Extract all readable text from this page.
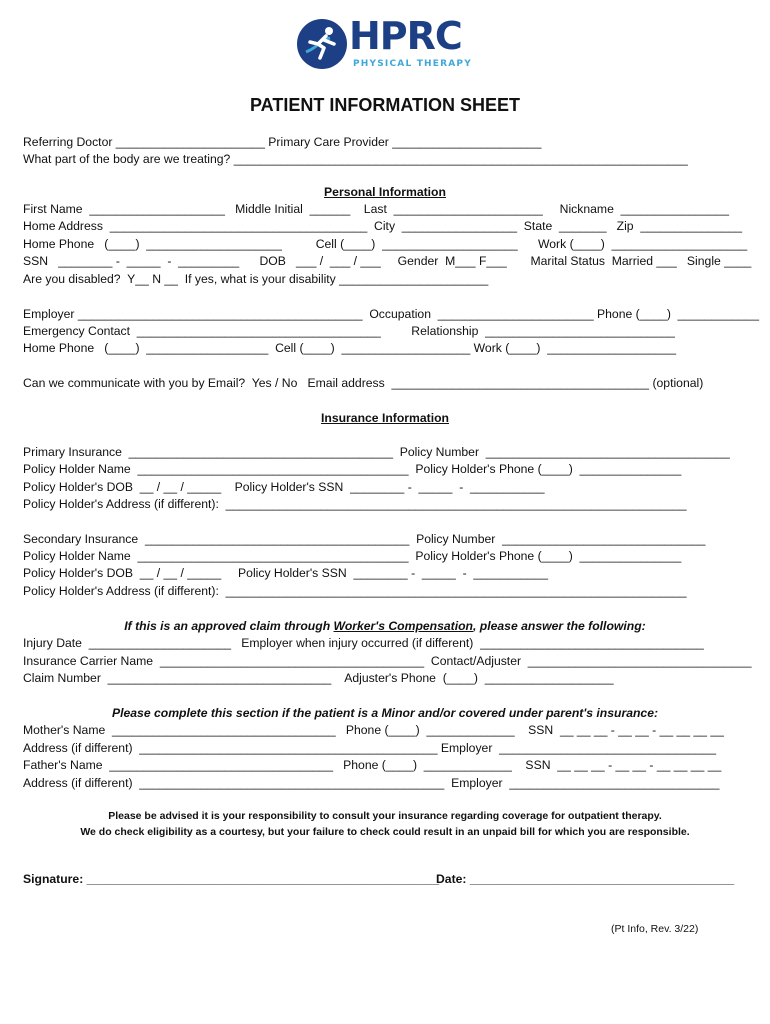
HPRC
PHYSICAL THERAPY
PATIENT INFORMATION SHEET
Referring Doctor ______________________ Primary Care Provider ______________________
What part of the body are we treating? ___________________________________________________________________
Personal Information
First Name  ____________________   Middle Initial  ______    Last  ______________________     Nickname  ________________
Home Address  ______________________________________  City  _________________  State  _______   Zip  _______________
Home Phone   (____)  ____________________          Cell (____)  ____________________      Work (____)  ____________________
SSN   ________ -  _____  -  _________      DOB   ___ /  ___ / ___     Gender  M___ F___       Marital Status  Married ___   Single ____
Are you disabled?  Y__ N __  If yes, what is your disability ______________________
Employer __________________________________________  Occupation  _______________________ Phone (____)  ____________
Emergency Contact  ____________________________________         Relationship  ____________________________
Home Phone   (____)  __________________  Cell (____)  ___________________ Work (____)  ___________________
Can we communicate with you by Email?  Yes / No   Email address  ______________________________________ (optional)
Insurance Information
Primary Insurance  _______________________________________  Policy Number  ____________________________________
Policy Holder Name  ________________________________________  Policy Holder's Phone (____)  _______________
Policy Holder's DOB  __ / __ / _____    Policy Holder's SSN  ________ -  _____  -  ___________
Policy Holder's Address (if different):  ____________________________________________________________________
Secondary Insurance  _______________________________________  Policy Number  ______________________________
Policy Holder Name  ________________________________________  Policy Holder's Phone (____)  _______________
Policy Holder's DOB  __ / __ / _____     Policy Holder's SSN  ________ -  _____  -  ___________
Policy Holder's Address (if different):  ____________________________________________________________________
If this is an approved claim through Worker's Compensation, please answer the following:
Injury Date  _____________________   Employer when injury occurred (if different)  _________________________________
Insurance Carrier Name  _______________________________________  Contact/Adjuster  _________________________________
Claim Number  _________________________________    Adjuster's Phone  (____)  ___________________
Please complete this section if the patient is a Minor and/or covered under parent's insurance:
Mother's Name  _________________________________   Phone (____)  _____________    SSN  __ __ __ - __ __ - __ __ __ __
Address (if different)  ____________________________________________ Employer  ________________________________
Father's Name  _________________________________   Phone (____)  _____________    SSN  __ __ __ - __ __ - __ __ __ __
Address (if different)  _____________________________________________  Employer  _______________________________
Please be advised it is your responsibility to consult your insurance regarding coverage for outpatient therapy.
We do check eligibility as a courtesy, but your failure to check could result in an unpaid bill for which you are responsible.
Signature: ____________________________________________________
Date: _______________________________________
(Pt Info, Rev. 3/22)
